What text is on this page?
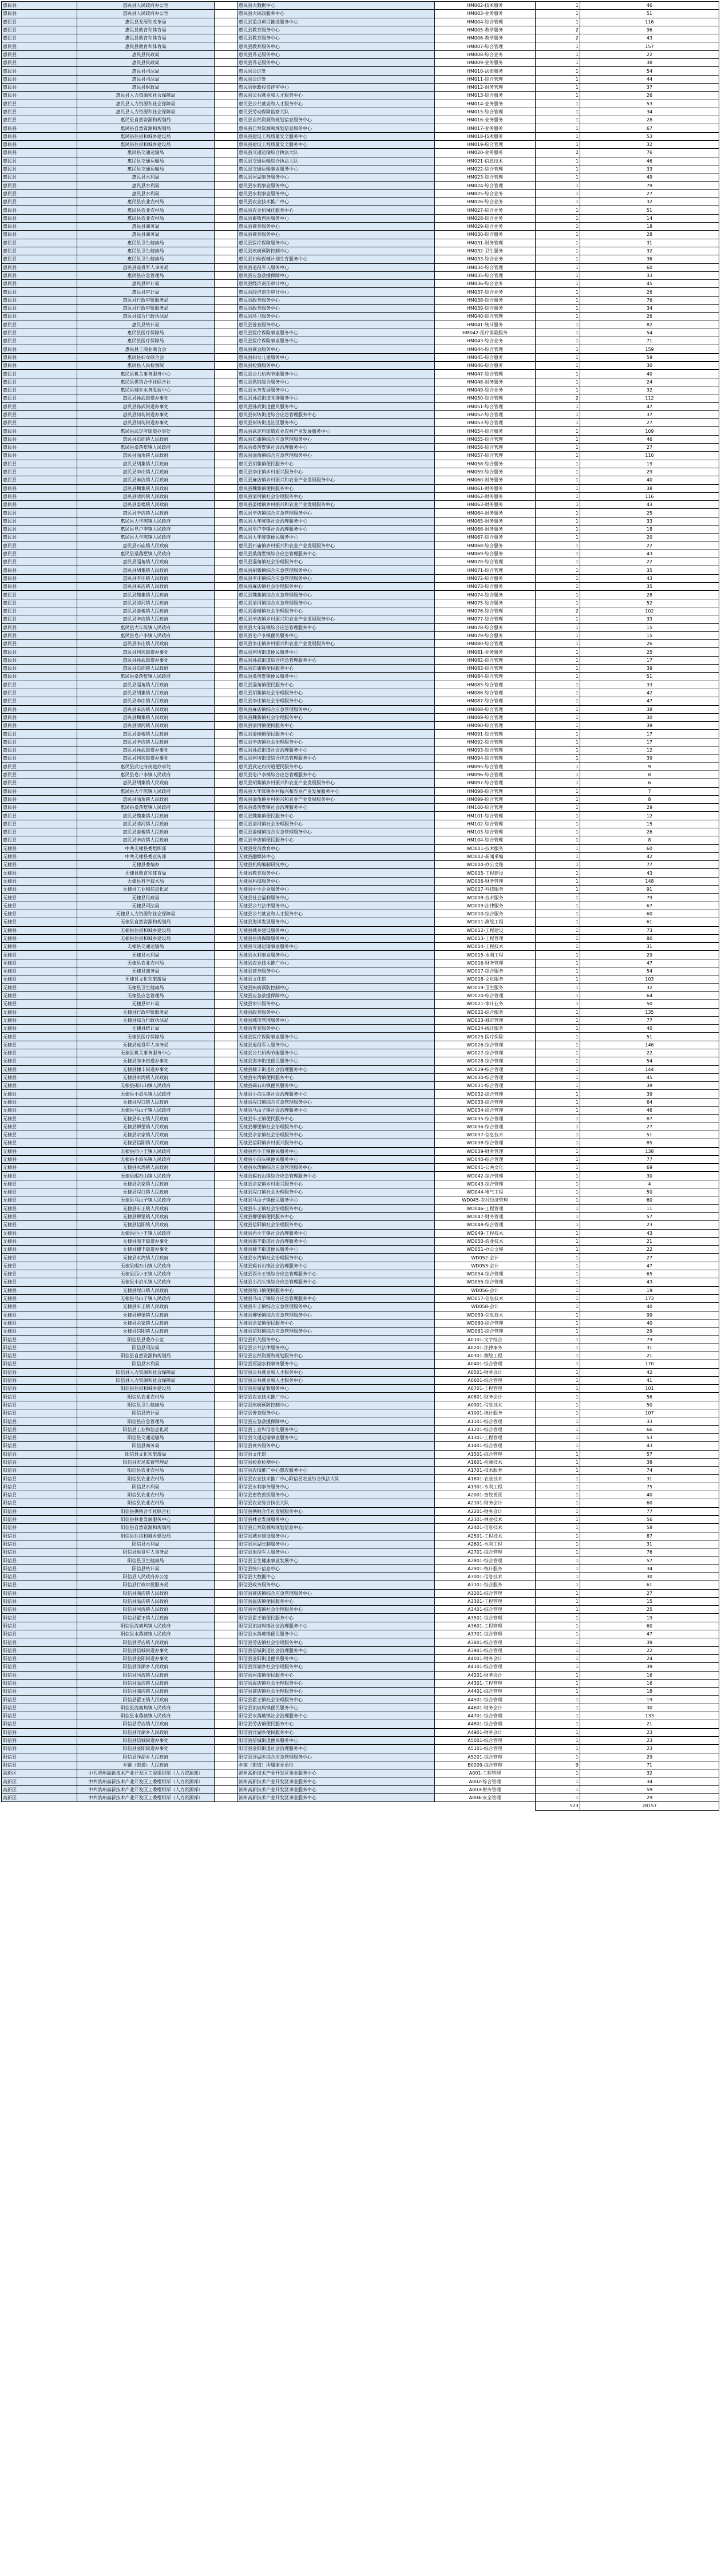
惠民县	惠民县人民政府办公室		惠民县大数据中心	HM002-技术服务	1	46
惠民县	惠民县人民政府办公室		惠民县大民政服务中心	HM003-业务服务	1	51
惠民县	惠民县发展和改革局		惠民县重点项目推进服务中心	HM004-综合管理	1	116
惠民县	惠民县教育和体育局		惠民县教育服务中心	HM005-教学服务	2	96
惠民县	惠民县教育和体育局		惠民县教育服务中心	HM006-教学服务	2	43
惠民县	惠民县教育和体育局		惠民县教育服务中心	HM007-综合管理	1	157
惠民县	惠民县民政局		惠民县养老服务中心	HM008-综合业务	1	22
惠民县	惠民县民政局		惠民县养老服务中心	HM009-业务服务	1	38
惠民县	惠民县司法局		惠民县公证处	HM010-法律服务	1	54
惠民县	惠民县司法局		惠民县公证处	HM011-综合管理	1	44
惠民县	惠民县财政局		惠民县财政投资评审中心	HM012-财务管理	1	37
惠民县	惠民县人力资源和社会保障局		惠民县公共就业和人才服务中心	HM013-综合服务	1	26
惠民县	惠民县人力资源和社会保障局		惠民县公共就业和人才服务中心	HM014-业务服务	1	53
惠民县	惠民县人力资源和社会保障局		惠民县劳动保障监察大队	HM015-综合管理	1	34
惠民县	惠民县自然资源和规划局		惠民县自然资源和规划信息服务中心	HM016-业务服务	1	28
惠民县	惠民县自然资源和规划局		惠民县自然资源和规划信息服务中心	HM017-业务服务	1	67
惠民县	惠民县住房和城乡建设局		惠民县建设工程质量安全服务中心	HM018-技术服务	1	53
惠民县	惠民县住房和城乡建设局		惠民县建设工程质量安全服务中心	HM019-综合管理	1	32
惠民县	惠民县交通运输局		惠民县交通运输综合执法大队	HM020-业务服务	2	76
惠民县	惠民县交通运输局		惠民县交通运输综合执法大队	HM021-信息技术	1	46
惠民县	惠民县交通运输局		惠民县交通运输事业服务中心	HM022-综合管理	1	33
惠民县	惠民县水利局		惠民县河湖事务服务中心	HM023-综合管理	1	49
惠民县	惠民县水利局		惠民县水利事业服务中心	HM024-综合管理	1	79
惠民县	惠民县水利局		惠民县水利事业服务中心	HM025-综合业务	1	27
惠民县	惠民县农业农村局		惠民县农业技术推广中心	HM026-综合业务	1	32
惠民县	惠民县农业农村局		惠民县农业机械化服务中心	HM027-综合业务	1	51
惠民县	惠民县农业农村局		惠民县畜牧兽医服务中心	HM028-综合业务	1	14
惠民县	惠民县商务局		惠民县商务服务中心	HM029-综合业务	1	18
惠民县	惠民县商务局		惠民县商务服务中心	HM030-综合服务	1	28
惠民县	惠民县卫生健康局		惠民县医疗保障服务中心	HM031-财务管理	1	31
惠民县	惠民县卫生健康局		惠民县疾病预防控制中心	HM032-卫生服务	1	32
惠民县	惠民县卫生健康局		惠民县妇幼保健计划生育服务中心	HM033-综合业务	1	36
惠民县	惠民县退役军人事务局		惠民县退役军人服务中心	HM034-综合管理	1	60
惠民县	惠民县应急管理局		惠民县应急救援保障中心	HM035-综合管理	1	33
惠民县	惠民县审计局		惠民县经济责任审计中心	HM036-综合业务	1	45
惠民县	惠民县审计局		惠民县经济责任审计中心	HM037-综合业务	1	26
惠民县	惠民县行政审批服务局		惠民县政务服务中心	HM038-综合服务	1	76
惠民县	惠民县行政审批服务局		惠民县政务服务中心	HM039-综合服务	1	34
惠民县	惠民县综合行政执法局		惠民县环卫服务中心	HM040-综合管理	1	26
惠民县	惠民县统计局		惠民县普查服务中心	HM041-统计服务	1	82
惠民县	惠民县医疗保障局		惠民县医疗保险事业服务中心	HM042-医疗保险服务	1	54
惠民县	惠民县医疗保障局		惠民县医疗保险事业服务中心	HM043-综合业务	1	71
惠民县	惠民县工商业联合会		惠民县商会服务中心	HM044-综合管理	1	159
惠民县	惠民县妇女联合会		惠民县妇女儿童服务中心	HM045-综合服务	1	59
惠民县	惠民县人民检察院		惠民县检察服务中心	HM046-综合服务	1	30
惠民县	惠民县机关事务服务中心		惠民县公共机构节能服务中心	HM047-综合管理	1	40
惠民县	惠民县供销合作社联合社		惠民县供销综合服务中心	HM048-财务服务	1	24
惠民县	惠民县城乡水务发展中心		惠民县水务发展服务中心	HM049-综合业务	1	32
惠民县	惠民县孙武街道办事处		惠民县孙武街道党群服务中心	HM050-综合管理	2	112
惠民县	惠民县孙武街道办事处		惠民县孙武街道便民服务中心	HM051-综合管理	1	47
惠民县	惠民县何坊街道办事处		惠民县何坊街道综合应急管理服务中心	HM052-综合管理	1	37
惠民县	惠民县何坊街道办事处		惠民县何坊街道社区服务中心	HM053-综合管理	1	27
惠民县	惠民县武定府街道办事处		惠民县武定府街道农业农村产业发展服务中心	HM054-综合服务	1	109
惠民县	惠民县石庙镇人民政府		惠民县石庙镇综合应急管理服务中心	HM055-综合管理	1	46
惠民县	惠民县桑落墅镇人民政府		惠民县桑落墅镇社会治理服务中心	HM056-综合管理	1	27
惠民县	惠民县淄角镇人民政府		惠民县淄角镇综合应急管理服务中心	HM057-综合管理	1	110
惠民县	惠民县胡集镇人民政府		惠民县胡集镇便民服务中心	HM058-综合服务	1	19
惠民县	惠民县李庄镇人民政府		惠民县李庄镇乡村振兴服务中心	HM059-综合服务	1	29
惠民县	惠民县麻店镇人民政府		惠民县麻店镇乡村振兴和农业产业发展服务中心	HM060-财务服务	1	40
惠民县	惠民县魏集镇人民政府		惠民县魏集镇便民服务中心	HM061-财务服务	1	38
惠民县	惠民县清河镇人民政府		惠民县清河镇社会治理服务中心	HM062-财务服务	1	116
惠民县	惠民县姜楼镇人民政府		惠民县姜楼镇乡村振兴和农业产业发展服务中心	HM063-财务服务	1	43
惠民县	惠民县辛店镇人民政府		惠民县辛店镇综合应急管理服务中心	HM064-财务服务	1	25
惠民县	惠民县大年陈镇人民政府		惠民县大年陈镇社会治理服务中心	HM065-财务服务	1	33
惠民县	惠民县皂户李镇人民政府		惠民县皂户李镇社会治理服务中心	HM066-财务服务	1	18
惠民县	惠民县大年陈镇人民政府		惠民县大年陈镇便民服务中心	HM067-综合服务	1	20
惠民县	惠民县石庙镇人民政府		惠民县石庙镇乡村振兴和农业产业发展服务中心	HM068-综合服务	1	22
惠民县	惠民县桑落墅镇人民政府		惠民县桑落墅镇综合应急管理服务中心	HM069-综合服务	1	43
惠民县	惠民县淄角镇人民政府		惠民县淄角镇社会治理服务中心	HM070-综合管理	1	22
惠民县	惠民县胡集镇人民政府		惠民县胡集镇综合应急管理服务中心	HM071-综合管理	1	35
惠民县	惠民县李庄镇人民政府		惠民县李庄镇综合应急管理服务中心	HM072-综合服务	1	43
惠民县	惠民县麻店镇人民政府		惠民县麻店镇社会治理服务中心	HM073-综合服务	1	35
惠民县	惠民县魏集镇人民政府		惠民县魏集镇综合应急管理服务中心	HM074-综合服务	1	28
惠民县	惠民县清河镇人民政府		惠民县清河镇综合应急管理服务中心	HM075-综合服务	1	52
惠民县	惠民县姜楼镇人民政府		惠民县姜楼镇社会治理服务中心	HM076-综合管理	2	102
惠民县	惠民县辛店镇人民政府		惠民县辛店镇乡村振兴和农业产业发展服务中心	HM077-综合管理	1	33
惠民县	惠民县大年陈镇人民政府		惠民县大年陈镇综合应急管理服务中心	HM078-综合服务	1	15
惠民县	惠民县皂户李镇人民政府		惠民县皂户李镇便民服务中心	HM079-综合服务	1	15
惠民县	惠民县李庄镇人民政府		惠民县李庄镇乡村振兴和农业产业发展服务中心	HM080-综合管理	1	26
惠民县	惠民县何坊街道办事处		惠民县何坊街道便民服务中心	HM081-业务服务	1	25
惠民县	惠民县孙武街道办事处		惠民县孙武街道综合应急管理服务中心	HM082-综合管理	1	17
惠民县	惠民县石庙镇人民政府		惠民县石庙镇便民服务中心	HM083-综合管理	1	39
惠民县	惠民县桑落墅镇人民政府		惠民县桑落墅镇便民服务中心	HM084-综合管理	1	51
惠民县	惠民县淄角镇人民政府		惠民县淄角镇便民服务中心	HM085-综合管理	1	33
惠民县	惠民县胡集镇人民政府		惠民县胡集镇社会治理服务中心	HM086-综合管理	1	42
惠民县	惠民县李庄镇人民政府		惠民县李庄镇社会治理服务中心	HM087-综合管理	1	47
惠民县	惠民县麻店镇人民政府		惠民县麻店镇综合应急管理服务中心	HM088-综合管理	1	38
惠民县	惠民县魏集镇人民政府		惠民县魏集镇社会治理服务中心	HM089-综合管理	1	30
惠民县	惠民县清河镇人民政府		惠民县清河镇便民服务中心	HM090-综合管理	1	39
惠民县	惠民县姜楼镇人民政府		惠民县姜楼镇便民服务中心	HM091-综合管理	1	17
惠民县	惠民县辛店镇人民政府		惠民县辛店镇社会治理服务中心	HM092-综合管理	1	17
惠民县	惠民县孙武街道办事处		惠民县孙武街道社会治理服务中心	HM093-综合管理	1	12
惠民县	惠民县何坊街道办事处		惠民县何坊街道综合应急管理服务中心	HM094-综合管理	1	39
惠民县	惠民县武定府街道办事处		惠民县武定府街道便民服务中心	HM095-综合管理	1	9
惠民县	惠民县皂户李镇人民政府		惠民县皂户李镇综合应急管理服务中心	HM096-综合管理	1	8
惠民县	惠民县胡集镇人民政府		惠民县胡集镇乡村振兴和农业产业发展服务中心	HM097-综合管理	1	6
惠民县	惠民县大年陈镇人民政府		惠民县大年陈镇乡村振兴和农业产业发展服务中心	HM098-综合管理	1	7
惠民县	惠民县淄角镇人民政府		惠民县淄角镇乡村振兴和农业产业发展服务中心	HM099-综合管理	1	8
惠民县	惠民县桑落墅镇人民政府		惠民县桑落墅镇社会治理服务中心	HM100-综合管理	1	29
惠民县	惠民县魏集镇人民政府		惠民县魏集镇便民服务中心	HM101-综合管理	1	12
惠民县	惠民县清河镇人民政府		惠民县清河镇社会治理服务中心	HM102-综合管理	1	15
惠民县	惠民县姜楼镇人民政府		惠民县姜楼镇综合应急管理服务中心	HM103-综合管理	1	26
惠民县	惠民县辛店镇人民政府		惠民县辛店镇便民服务中心	HM104-综合管理	1	8
无棣县	中共无棣县委组织部		无棣县党员教育中心	WD001-技术服务	1	60
无棣县	中共无棣县委宣传部		无棣县融媒体中心	WD002-新闻采编	1	42
无棣县	无棣县委编办		无棣县机构编制研究中心	WD004-办公文秘	1	77
无棣县	无棣县教育和体育局		无棣县教育服务中心	WD005-工程建设	1	43
无棣县	无棣县科学技术局		无棣县科技服务中心	WD006-财务管理	1	148
无棣县	无棣县工业和信息化局		无棣县中小企业服务中心	WD007-科技服务	1	91
无棣县	无棣县民政局		无棣县社会福利服务中心	WD008-技术服务	1	79
无棣县	无棣县司法局		无棣县公共法律服务中心	WD009-法律服务	1	67
无棣县	无棣县人力资源和社会保障局		无棣县公共就业和人才服务中心	WD010-综合服务	1	60
无棣县	无棣县自然资源和规划局		无棣县海洋发展服务中心	WD011-测绘工程	1	61
无棣县	无棣县住房和城乡建设局		无棣县城乡建设服务中心	WD012-工程建设	1	73
无棣县	无棣县住房和城乡建设局		无棣县住房保障服务中心	WD013-工程管理	1	80
无棣县	无棣县交通运输局		无棣县交通运输事业服务中心	WD014-工程技术	1	31
无棣县	无棣县水利局		无棣县水利事业服务中心	WD015-水利工程	1	29
无棣县	无棣县农业农村局		无棣县农业技术推广中心	WD016-财务管理	1	47
无棣县	无棣县商务局		无棣县商务服务中心	WD017-综合服务	1	54
无棣县	无棣县文化和旅游局		无棣县文化馆	WD018-文化服务	1	103
无棣县	无棣县卫生健康局		无棣县疾病预防控制中心	WD019-卫生服务	1	32
无棣县	无棣县应急管理局		无棣县应急救援保障中心	WD020-综合管理	1	64
无棣县	无棣县审计局		无棣县审计服务中心	WD021-审计业务	1	50
无棣县	无棣县行政审批服务局		无棣县政务服务中心	WD022-综合服务	1	135
无棣县	无棣县综合行政执法局		无棣县城市管理服务中心	WD023-城市管理	1	77
无棣县	无棣县统计局		无棣县普查服务中心	WD024-统计服务	1	40
无棣县	无棣县医疗保障局		无棣县医疗保险事业服务中心	WD025-医疗保险	1	51
无棣县	无棣县退役军人事务局		无棣县退役军人服务中心	WD026-综合管理	1	146
无棣县	无棣县机关事务服务中心		无棣县公共机构节能服务中心	WD027-综合管理	1	22
无棣县	无棣县海丰街道办事处		无棣县海丰街道便民服务中心	WD028-综合管理	1	54
无棣县	无棣县棣丰街道办事处		无棣县棣丰街道社会治理服务中心	WD029-综合管理	1	144
无棣县	无棣县水湾镇人民政府		无棣县水湾镇便民服务中心	WD030-综合管理	1	45
无棣县	无棣县碣石山镇人民政府		无棣县碣石山镇便民服务中心	WD031-综合管理	1	39
无棣县	无棣县小泊头镇人民政府		无棣县小泊头镇社会治理服务中心	WD032-综合管理	1	39
无棣县	无棣县埕口镇人民政府		无棣县埕口镇综合应急管理服务中心	WD033-综合管理	1	64
无棣县	无棣县马山子镇人民政府		无棣县马山子镇社会治理服务中心	WD034-综合管理	1	46
无棣县	无棣县车王镇人民政府		无棣县车王镇便民服务中心	WD035-综合管理	1	87
无棣县	无棣县柳堡镇人民政府		无棣县柳堡镇社会治理服务中心	WD036-综合管理	1	27
无棣县	无棣县佘家镇人民政府		无棣县佘家镇社会治理服务中心	WD037-信息技术	1	51
无棣县	无棣县信阳镇人民政府		无棣县信阳镇乡村振兴服务中心	WD038-综合管理	1	85
无棣县	无棣县西小王镇人民政府		无棣县西小王镇便民服务中心	WD039-财务管理	1	138
无棣县	无棣县小泊头镇人民政府		无棣县小泊头镇便民服务中心	WD040-综合管理	1	77
无棣县	无棣县水湾镇人民政府		无棣县水湾镇综合应急管理服务中心	WD041-公共文化	1	69
无棣县	无棣县碣石山镇人民政府		无棣县碣石山镇综合应急管理服务中心	WD042-综合管理	1	30
无棣县	无棣县佘家镇人民政府		无棣县佘家镇乡村振兴服务中心	WD043-综合管理	1	4
无棣县	无棣县埕口镇人民政府		无棣县埕口镇社会治理服务中心	WD044-电气工程	1	50
无棣县	无棣县马山子镇人民政府		无棣县马山子镇便民服务中心	WD045-农村经济管理	1	60
无棣县	无棣县车王镇人民政府		无棣县车王镇社会治理服务中心	WD046-工程管理	1	11
无棣县	无棣县柳堡镇人民政府		无棣县柳堡镇便民服务中心	WD047-财务管理	1	57
无棣县	无棣县信阳镇人民政府		无棣县信阳镇社会治理服务中心	WD048-综合管理	1	23
无棣县	无棣县西小王镇人民政府		无棣县西小王镇社会治理服务中心	WD049-工程技术	1	43
无棣县	无棣县海丰街道办事处		无棣县海丰街道社会治理服务中心	WD050-农业技术	1	21
无棣县	无棣县棣丰街道办事处		无棣县棣丰街道便民服务中心	WD051-办公文秘	1	22
无棣县	无棣县水湾镇人民政府		无棣县水湾镇社会治理服务中心	WD052-会计	1	27
无棣县	无棣县碣石山镇人民政府		无棣县碣石山镇社会治理服务中心	WD053-会计	1	47
无棣县	无棣县西小王镇人民政府		无棣县西小王镇综合应急管理服务中心	WD054-综合管理	1	65
无棣县	无棣县小泊头镇人民政府		无棣县小泊头镇综合应急管理服务中心	WD055-综合管理	1	43
无棣县	无棣县埕口镇人民政府		无棣县埕口镇便民服务中心	WD056-会计	1	19
无棣县	无棣县马山子镇人民政府		无棣县马山子镇综合应急管理服务中心	WD057-信息技术	1	173
无棣县	无棣县车王镇人民政府		无棣县车王镇综合应急管理服务中心	WD058-会计	1	40
无棣县	无棣县柳堡镇人民政府		无棣县柳堡镇综合应急管理服务中心	WD059-信息技术	1	99
无棣县	无棣县佘家镇人民政府		无棣县佘家镇便民服务中心	WD060-综合管理	1	40
无棣县	无棣县信阳镇人民政府		无棣县信阳镇综合应急管理服务中心	WD061-综合管理	1	29
阳信县	阳信县县委办公室		阳信县机关服务中心	A0101-文字综合	1	79
阳信县	阳信县司法局		阳信县公共法律服务中心	A0201-法律事务	1	31
阳信县	阳信县自然资源和规划局		阳信县自然资源和规划服务中心	A0301-测绘工程	1	21
阳信县	阳信县水利局		阳信县河湖水利事务服务中心	A0401-综合管理	1	170
阳信县	阳信县人力资源和社会保障局		阳信县公共就业和人才服务中心	A0501-财务会计	1	42
阳信县	阳信县人力资源和社会保障局		阳信县公共就业和人才服务中心	A0601-综合管理	1	41
阳信县	阳信县住房和城乡建设局		阳信县房屋征收服务中心	A0701-工程管理	1	101
阳信县	阳信县农业农村局		阳信县农业技术推广中心	A0801-财务会计	1	56
阳信县	阳信县卫生健康局		阳信县疾病预防控制中心	A0901-信息技术	1	50
阳信县	阳信县统计局		阳信县普查服务中心	A1001-统计服务	1	107
阳信县	阳信县应急管理局		阳信县应急救援保障中心	A1101-综合管理	1	33
阳信县	阳信县工业和信息化局		阳信县工业和信息化服务中心	A1201-综合管理	1	66
阳信县	阳信县交通运输局		阳信县交通运输事业服务中心	A1301-工程管理	1	53
阳信县	阳信县商务局		阳信县商务服务中心	A1401-综合管理	1	43
阳信县	阳信县文化和旅游局		阳信县文化馆	A1501-综合管理	1	57
阳信县	阳信县市场监督管理局		阳信县检验检测中心	A1601-检测技术	1	38
阳信县	阳信县农业农村局		阳信县农技推广中心惠农服务中心	A1701-技术服务	1	74
阳信县	阳信县农业农村局		阳信县农业技术推广中心阳信县农业综合执法大队	A1801-农业技术	1	31
阳信县	阳信县水利局		阳信县水利事务服务中心	A1901-水利工程	1	75
阳信县	阳信县农业农村局		阳信县畜牧兽医服务中心	A2001-畜牧兽医	1	40
阳信县	阳信县农业农村局		阳信县农业综合执法大队	A2101-财务会计	1	60
阳信县	阳信县供销合作社联合社		阳信县供销合作社发展服务中心	A2201-财务会计	1	77
阳信县	阳信县林业发展服务中心		阳信县林业发展服务中心	A2301-林业技术	1	56
阳信县	阳信县自然资源和规划局		阳信县自然资源和规划信息中心	A2401-信息技术	1	58
阳信县	阳信县住房和城乡建设局		阳信县城乡建设服务中心	A2501-工程技术	1	87
阳信县	阳信县水利局		阳信县河湖长制服务中心	A2601-水利工程	1	31
阳信县	阳信县退役军人事务局		阳信县退役军人服务中心	A2701-综合管理	1	76
阳信县	阳信县卫生健康局		阳信县卫生健康事业发展中心	A2801-综合管理	1	57
阳信县	阳信县统计局		阳信县统计信息中心	A2901-统计服务	1	34
阳信县	阳信县人民政府办公室		阳信县大数据中心	A3001-信息技术	1	30
阳信县	阳信县行政审批服务局		阳信县政务服务中心	A3101-综合服务	1	61
阳信县	阳信县商店镇人民政府		阳信县商店镇综合应急管理服务中心	A3201-综合管理	1	27
阳信县	阳信县温店镇人民政府		阳信县温店镇便民服务中心	A3301-工程管理	1	15
阳信县	阳信县河流镇人民政府		阳信县河流镇社会治理服务中心	A3401-综合管理	1	25
阳信县	阳信县翟王镇人民政府		阳信县翟王镇便民服务中心	A3501-综合管理	1	19
阳信县	阳信县流坡坞镇人民政府		阳信县流坡坞镇社会治理服务中心	A3601-工程管理	1	60
阳信县	阳信县水落坡镇人民政府		阳信县水落坡镇便民服务中心	A3701-综合管理	1	47
阳信县	阳信县劳店镇人民政府		阳信县劳店镇社会治理服务中心	A3801-综合管理	1	39
阳信县	阳信县信城街道办事处		阳信县信城街道社会治理服务中心	A3901-综合管理	1	22
阳信县	阳信县金阳街道办事处		阳信县金阳街道便民服务中心	A4001-财务会计	1	24
阳信县	阳信县洋湖乡人民政府		阳信县洋湖乡社会治理服务中心	A4101-综合管理	1	39
阳信县	阳信县河流镇人民政府		阳信县河流镇便民服务中心	A4201-财务会计	1	16
阳信县	阳信县温店镇人民政府		阳信县温店镇社会治理服务中心	A4301-工程管理	1	16
阳信县	阳信县商店镇人民政府		阳信县商店镇社会治理服务中心	A4401-综合管理	1	18
阳信县	阳信县翟王镇人民政府		阳信县翟王镇社会治理服务中心	A4501-综合管理	1	19
阳信县	阳信县流坡坞镇人民政府		阳信县流坡坞镇便民服务中心	A4601-财务会计	1	30
阳信县	阳信县水落坡镇人民政府		阳信县水落坡镇社会治理服务中心	A4701-综合管理	1	133
阳信县	阳信县劳店镇人民政府		阳信县劳店镇便民服务中心	A4801-综合管理	1	21
阳信县	阳信县洋湖乡人民政府		阳信县洋湖乡便民服务中心	A4901-财务会计	1	23
阳信县	阳信县信城街道办事处		阳信县信城街道便民服务中心	A5001-综合管理	1	23
阳信县	阳信县金阳街道办事处		阳信县金阳街道社会治理服务中心	A5101-综合管理	1	23
阳信县	阳信县洋湖乡人民政府		阳信县洋湖乡综合应急管理服务中心	A5201-综合管理	1	29
阳信县	乡镇（街道）人民政府		乡镇（街道）所属事业单位	B0209-综合管理	9	71
高新区	中共滨州高新技术产业开发区工委组织部（人力资源部）		滨州高新技术产业开发区事业服务中心	A001-工程管理	1	32
高新区	中共滨州高新技术产业开发区工委组织部（人力资源部）		滨州高新技术产业开发区事业服务中心	A002-综合管理	1	34
高新区	中共滨州高新技术产业开发区工委组织部（人力资源部）		滨州高新技术产业开发区事业服务中心	A003-财务管理	1	59
高新区	中共滨州高新技术产业开发区工委组织部（人力资源部）		滨州高新技术产业开发区事业服务中心	A004-安全管理	1	29
					523	28157
